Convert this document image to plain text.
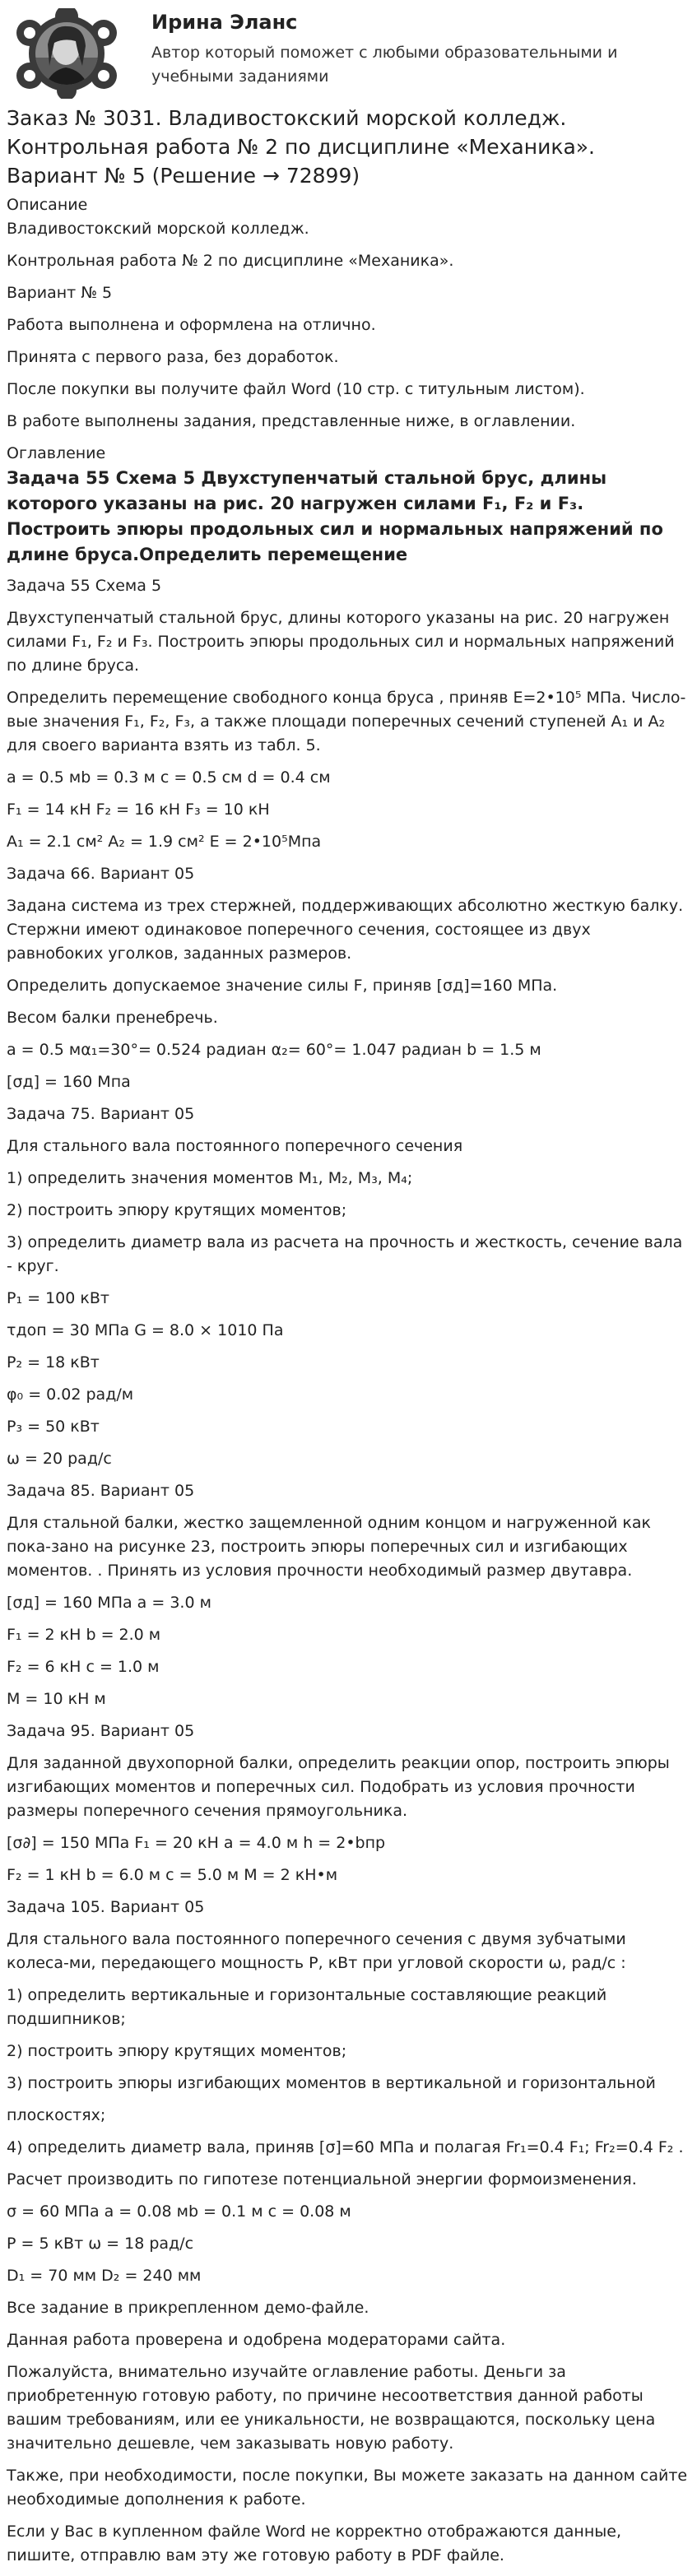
Ирина Эланс
Автор который поможет с любыми образовательными и учебными заданиями
Заказ № 3031. Владивостокский морской колледж. Контрольная работа № 2 по дисциплине «Механика». Вариант № 5 (Решение → 72899)
Описание

Владивостокский морской колледж.

Контрольная работа № 2 по дисциплине «Механика».

Вариант № 5

Работа выполнена и оформлена на отлично.

Принята с первого раза, без доработок.

После покупки вы получите файл Word (10 стр. с титульным листом).

В работе выполнены задания, представленные ниже, в оглавлении.

Оглавление
Задача 55 Схема 5 Двухступенчатый стальной брус, длины которого указаны на рис. 20 нагружен силами F₁, F₂ и F₃. Построить эпюры продольных сил и нормальных напряжений по длине бруса.Определить перемещение

Задача 55 Схема 5

Двухступенчатый стальной брус, длины которого указаны на рис. 20 нагружен силами F₁, F₂ и F₃. Построить эпюры продольных сил и нормальных напряжений по длине бруса.

Определить перемещение свободного конца бруса , приняв E=2•10⁵ МПа. Число-вые значения F₁, F₂, F₃, а также площади поперечных сечений ступеней A₁ и A₂ для своего варианта взять из табл. 5.

a = 0.5 мb = 0.3 м c = 0.5 см d = 0.4 см

F₁ = 14 кН F₂ = 16 кН F₃ = 10 кН

A₁ = 2.1 см² A₂ = 1.9 см² E = 2•10⁵Мпа

Задача 66. Вариант 05

Задана система из трех стержней, поддерживающих абсолютно жесткую балку. Стержни имеют одинаковое поперечного сечения, состоящее из двух равнобоких уголков, заданных размеров.

Определить допускаемое значение силы F, приняв [σд]=160 МПа.

Весом балки пренебречь.

a = 0.5 мα₁=30°= 0.524 радиан α₂= 60°= 1.047 радиан b = 1.5 м

[σд] = 160 Мпа

Задача 75. Вариант 05

Для стального вала постоянного поперечного сечения

1) определить значения моментов M₁, M₂, M₃, M₄;

2) построить эпюру крутящих моментов;

3) определить диаметр вала из расчета на прочность и жесткость, сечение вала - круг.

P₁ = 100 кВт

τдоп = 30 МПа G = 8.0 ⨯ 1010 Па

P₂ = 18 кВт

φ₀ = 0.02 рад/м

P₃ = 50 кВт

ω = 20 рад/с

Задача 85. Вариант 05

Для стальной балки, жестко защемленной одним концом и нагруженной как пока-зано на рисунке 23, построить эпюры поперечных сил и изгибающих моментов. . Принять из условия прочности необходимый размер двутавра.

[σд] = 160 МПа a = 3.0 м

F₁ = 2 кН b = 2.0 м

F₂ = 6 кН c = 1.0 м

M = 10 кН м

Задача 95. Вариант 05

Для заданной двухопорной балки, определить реакции опор, построить эпюры изгибающих моментов и поперечных сил. Подобрать из условия прочности размеры поперечного сечения прямоугольника.

[σ∂] = 150 МПа F₁ = 20 кН a = 4.0 м h = 2•bпр

F₂ = 1 кН b = 6.0 м c = 5.0 м M = 2 кН•м

Задача 105. Вариант 05

Для стального вала постоянного поперечного сечения с двумя зубчатыми колеса-ми, передающего мощность P, кВт при угловой скорости ω, рад/с :

1) определить вертикальные и горизонтальные составляющие реакций подшипников;

2) построить эпюру крутящих моментов;

3) построить эпюры изгибающих моментов в вертикальной и горизонтальной

плоскостях;

4) определить диаметр вала, приняв [σ]=60 МПа и полагая Fr₁=0.4 F₁; Fr₂=0.4 F₂ .

Расчет производить по гипотезе потенциальной энергии формоизменения.

σ = 60 МПа a = 0.08 мb = 0.1 м c = 0.08 м

P = 5 кВт ω = 18 рад/с

D₁ = 70 мм D₂ = 240 мм

Все задание в прикрепленном демо-файле.

Данная работа проверена и одобрена модераторами сайта.

Пожалуйста, внимательно изучайте оглавление работы. Деньги за приобретенную готовую работу, по причине несоответствия данной работы вашим требованиям, или ее уникальности, не возвращаются, поскольку цена значительно дешевле, чем заказывать новую работу.

Также, при необходимости, после покупки, Вы можете заказать на данном сайте необходимые дополнения к работе.

Если у Вас в купленном файле Word не корректно отображаются данные, пишите, отправлю вам эту же готовую работу в PDF файле.
